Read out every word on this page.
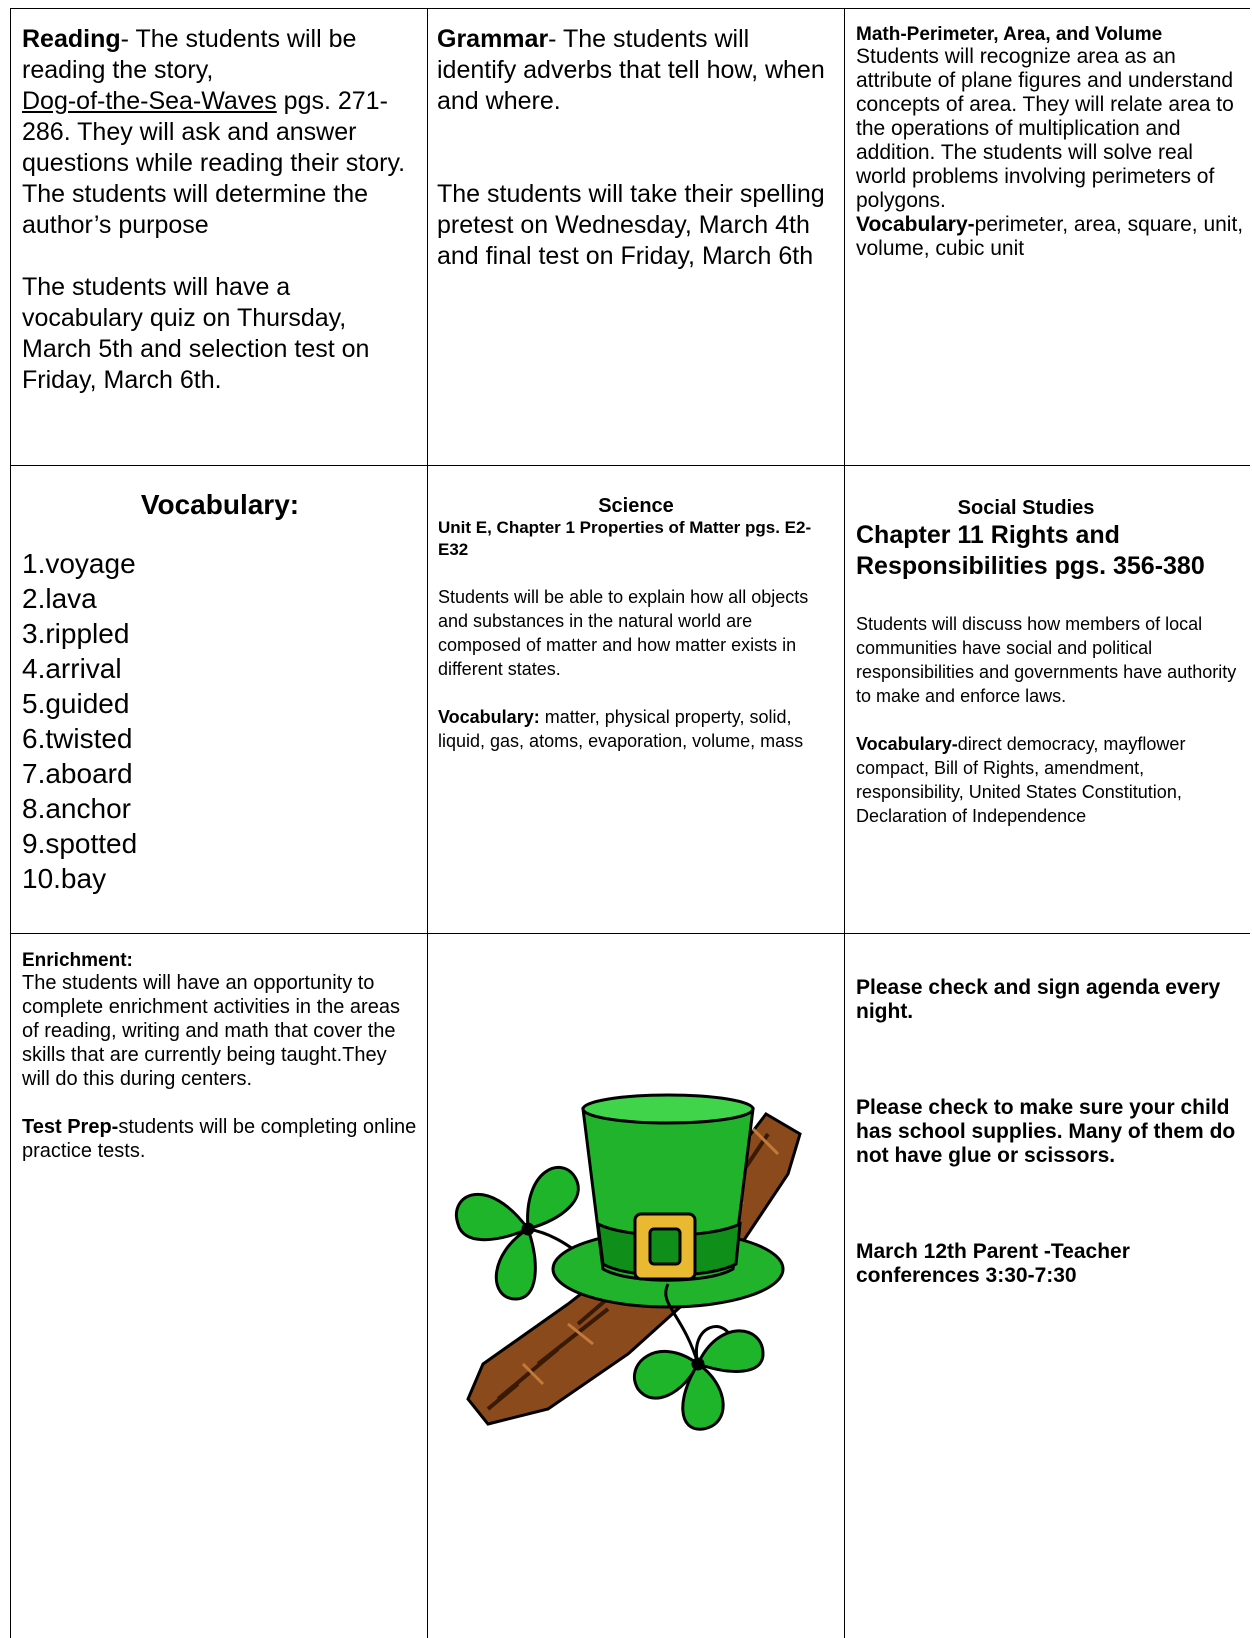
Reading- The students will be reading the story,
Dog-of-the-Sea-Waves pgs. 271-286. They will ask and answer questions while reading their story. The students will determine the author’s purpose

The students will have a vocabulary quiz on Thursday, March 5th and selection test on Friday, March 6th.

Grammar- The students will identify adverbs that tell how, when and where.

The students will take their spelling pretest on Wednesday, March 4th and final test on Friday, March 6th

Math-Perimeter, Area, and Volume

Students will recognize area as an attribute of plane figures and understand concepts of area. They will relate area to the operations of multiplication and addition. The students will solve real world problems involving perimeters of polygons.

Vocabulary-perimeter, area, square, unit, volume, cubic unit

Vocabulary:

1.voyage
2.lava
3.rippled
4.arrival
5.guided
6.twisted
7.aboard
8.anchor
9.spotted
10.bay

Science

Unit E, Chapter 1 Properties of Matter pgs. E2-E32

Students will be able to explain how all objects and substances in the natural world are composed of matter and how matter exists in different states.

Vocabulary: matter, physical property, solid, liquid, gas, atoms, evaporation, volume, mass

Social Studies

Chapter 11 Rights and Responsibilities pgs. 356-380

Students will discuss how members of local communities have social and political responsibilities and governments have authority to make and enforce laws.

Vocabulary-direct democracy, mayflower compact, Bill of Rights, amendment, responsibility, United States Constitution, Declaration of Independence

Enrichment:

The students will have an opportunity to complete enrichment activities in the areas of reading, writing and math that cover the skills that are currently being taught.They will do this during centers.

Test Prep-students will be completing online practice tests.

Please check and sign agenda every night.

Please check to make sure your child has school supplies. Many of them do not have glue or scissors.

March 12th Parent -Teacher conferences 3:30-7:30
